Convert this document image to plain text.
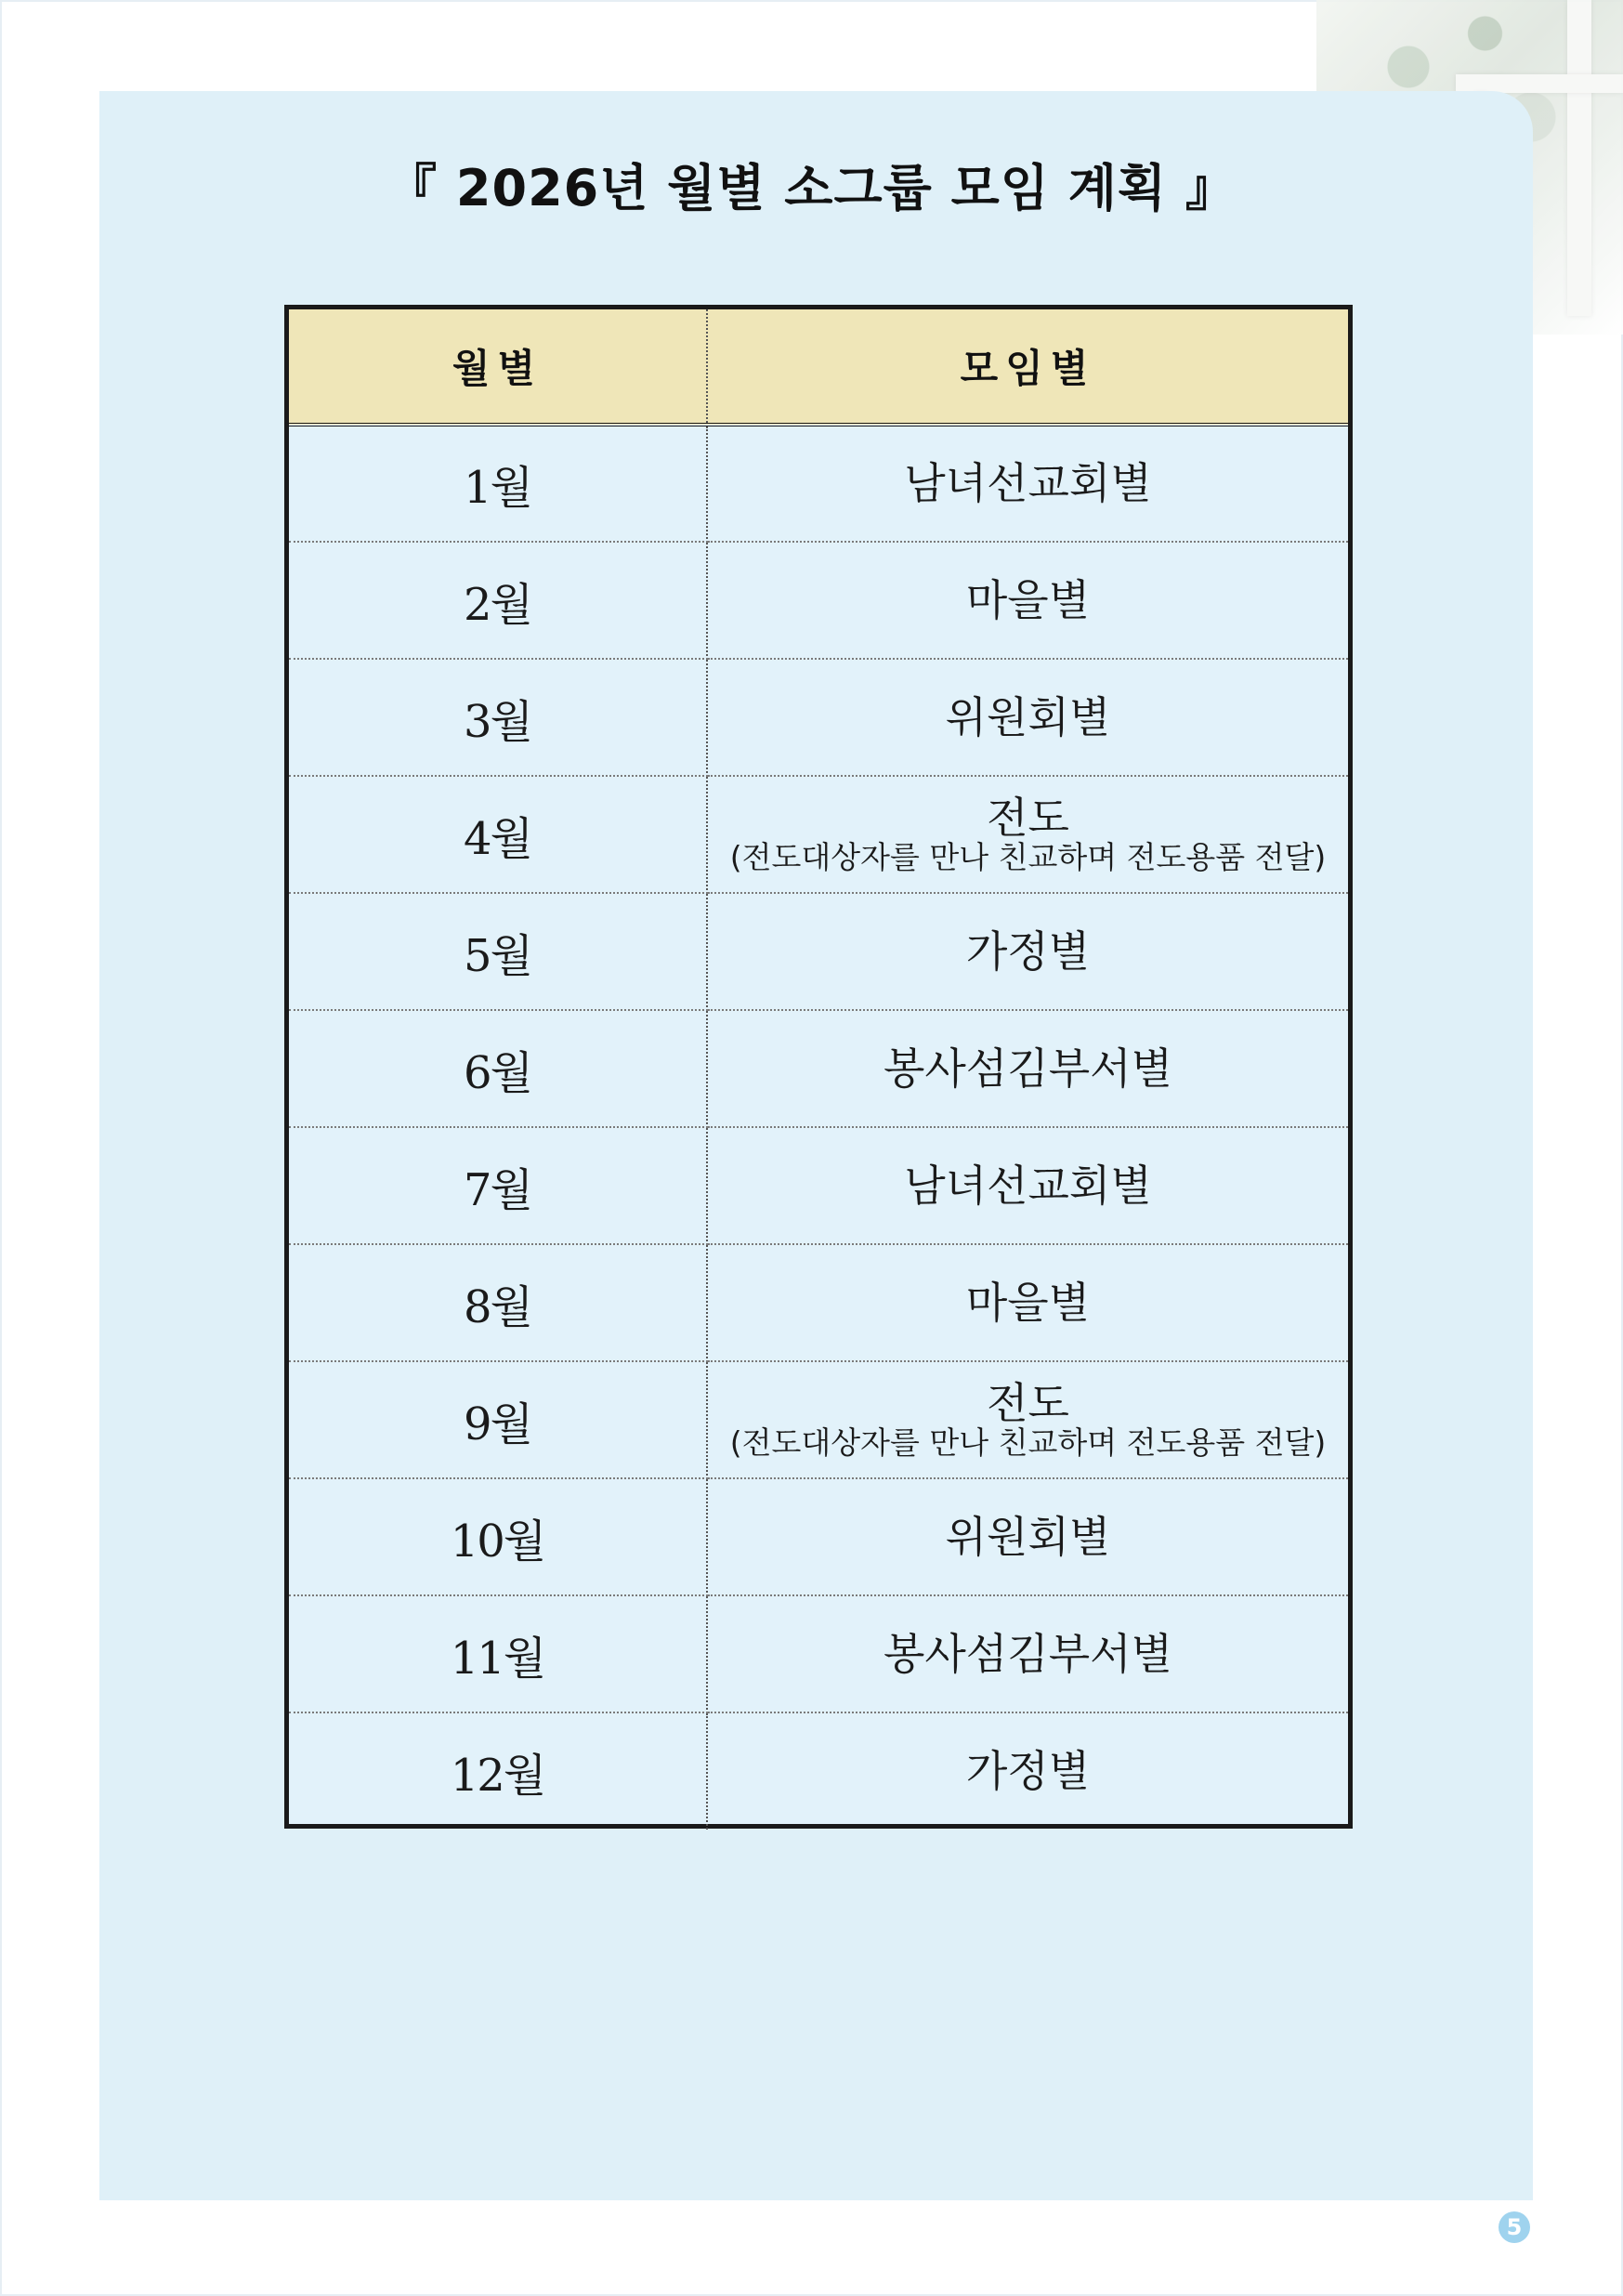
『 2026년 월별 소그룹 모임 계획 』
월별	모임별
1월	남녀선교회별

2월	마을별

3월	위원회별

4월	전도
(전도대상자를 만나 친교하며 전도용품 전달)

5월	가정별

6월	봉사섬김부서별

7월	남녀선교회별

8월	마을별

9월	전도
(전도대상자를 만나 친교하며 전도용품 전달)

10월	위원회별

11월	봉사섬김부서별

12월	가정별
5
